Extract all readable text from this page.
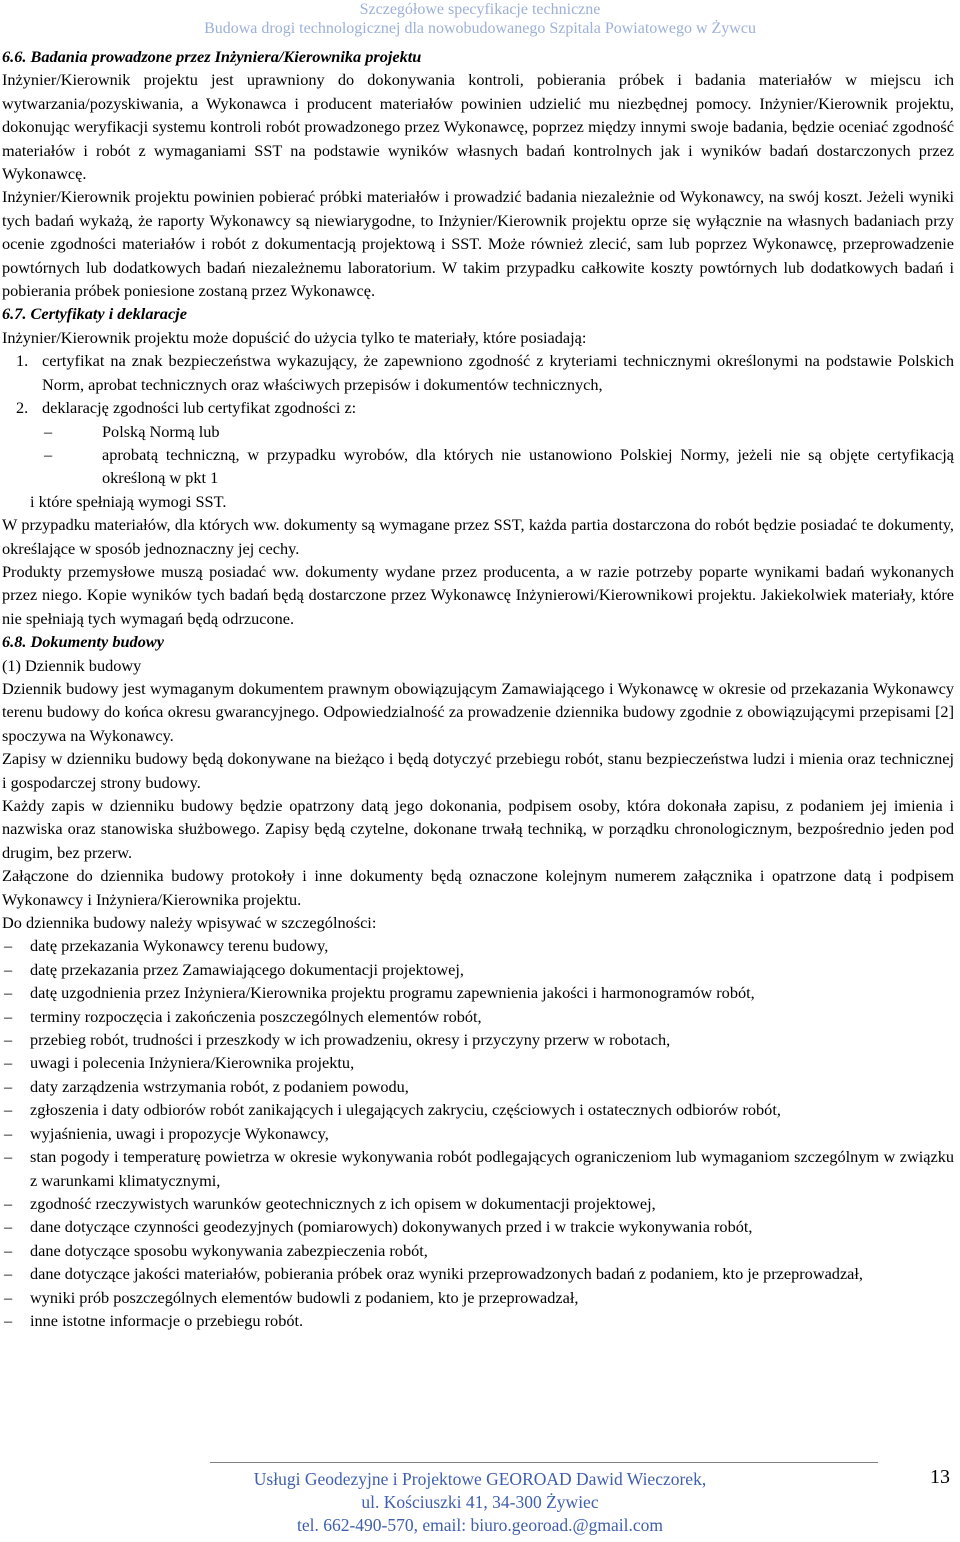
Szczegółowe specyfikacje techniczne
Budowa drogi technologicznej dla nowobudowanego Szpitala Powiatowego w Żywcu

6.6. Badania prowadzone przez Inżyniera/Kierownika projektu

Inżynier/Kierownik projektu jest uprawniony do dokonywania kontroli, pobierania próbek i badania materiałów w miejscu ich wytwarzania/pozyskiwania, a Wykonawca i producent materiałów powinien udzielić mu niezbędnej pomocy. Inżynier/Kierownik projektu, dokonując weryfikacji systemu kontroli robót prowadzonego przez Wykonawcę, poprzez między innymi swoje badania, będzie oceniać zgodność materiałów i robót z wymaganiami SST na podstawie wyników własnych badań kontrolnych jak i wyników badań dostarczonych przez Wykonawcę.

Inżynier/Kierownik projektu powinien pobierać próbki materiałów i prowadzić badania niezależnie od Wykonawcy, na swój koszt. Jeżeli wyniki tych badań wykażą, że raporty Wykonawcy są niewiarygodne, to Inżynier/Kierownik projektu oprze się wyłącznie na własnych badaniach przy ocenie zgodności materiałów i robót z dokumentacją projektową i SST. Może również zlecić, sam lub poprzez Wykonawcę, przeprowadzenie powtórnych lub dodatkowych badań niezależnemu laboratorium. W takim przypadku całkowite koszty powtórnych lub dodatkowych badań i pobierania próbek poniesione zostaną przez Wykonawcę.

6.7. Certyfikaty i deklaracje

Inżynier/Kierownik projektu może dopuścić do użycia tylko te materiały, które posiadają:

1. certyfikat na znak bezpieczeństwa wykazujący, że zapewniono zgodność z kryteriami technicznymi określonymi na podstawie Polskich Norm, aprobat technicznych oraz właściwych przepisów i dokumentów technicznych,
2. deklarację zgodności lub certyfikat zgodności z:
–	Polską Normą lub
–	aprobatą techniczną, w przypadku wyrobów, dla których nie ustanowiono Polskiej Normy, jeżeli nie są objęte certyfikacją określoną w pkt 1

i które spełniają wymogi SST.

W przypadku materiałów, dla których ww. dokumenty są wymagane przez SST, każda partia dostarczona do robót będzie posiadać te dokumenty, określające w sposób jednoznaczny jej cechy.

Produkty przemysłowe muszą posiadać ww. dokumenty wydane przez producenta, a w razie potrzeby poparte wynikami badań wykonanych przez niego. Kopie wyników tych badań będą dostarczone przez Wykonawcę Inżynierowi/Kierownikowi projektu. Jakiekolwiek materiały, które nie spełniają tych wymagań będą odrzucone.

6.8. Dokumenty budowy

(1) Dziennik budowy

Dziennik budowy jest wymaganym dokumentem prawnym obowiązującym Zamawiającego i Wykonawcę w okresie od przekazania Wykonawcy terenu budowy do końca okresu gwarancyjnego. Odpowiedzialność za prowadzenie dziennika budowy zgodnie z obowiązującymi przepisami [2] spoczywa na Wykonawcy.

Zapisy w dzienniku budowy będą dokonywane na bieżąco i będą dotyczyć przebiegu robót, stanu bezpieczeństwa ludzi i mienia oraz technicznej i gospodarczej strony budowy.

Każdy zapis w dzienniku budowy będzie opatrzony datą jego dokonania, podpisem osoby, która dokonała zapisu, z podaniem jej imienia i nazwiska oraz stanowiska służbowego. Zapisy będą czytelne, dokonane trwałą techniką, w porządku chronologicznym, bezpośrednio jeden pod drugim, bez przerw.

Załączone do dziennika budowy protokoły i inne dokumenty będą oznaczone kolejnym numerem załącznika i opatrzone datą i podpisem Wykonawcy i Inżyniera/Kierownika projektu.

Do dziennika budowy należy wpisywać w szczególności:

– datę przekazania Wykonawcy terenu budowy,
– datę przekazania przez Zamawiającego dokumentacji projektowej,
– datę uzgodnienia przez Inżyniera/Kierownika projektu programu zapewnienia jakości i harmonogramów robót,
– terminy rozpoczęcia i zakończenia poszczególnych elementów robót,
– przebieg robót, trudności i przeszkody w ich prowadzeniu, okresy i przyczyny przerw w robotach,
– uwagi i polecenia Inżyniera/Kierownika projektu,
– daty zarządzenia wstrzymania robót, z podaniem powodu,
– zgłoszenia i daty odbiorów robót zanikających i ulegających zakryciu, częściowych i ostatecznych odbiorów robót,
– wyjaśnienia, uwagi i propozycje Wykonawcy,
– stan pogody i temperaturę powietrza w okresie wykonywania robót podlegających ograniczeniom lub wymaganiom szczególnym w związku z warunkami klimatycznymi,
– zgodność rzeczywistych warunków geotechnicznych z ich opisem w dokumentacji projektowej,
– dane dotyczące czynności geodezyjnych (pomiarowych) dokonywanych przed i w trakcie wykonywania robót,
– dane dotyczące sposobu wykonywania zabezpieczenia robót,
– dane dotyczące jakości materiałów, pobierania próbek oraz wyniki przeprowadzonych badań z podaniem, kto je przeprowadzał,
– wyniki prób poszczególnych elementów budowli z podaniem, kto je przeprowadzał,
– inne istotne informacje o przebiegu robót.
Usługi Geodezyjne i Projektowe GEOROAD Dawid Wieczorek,
ul. Kościuszki 41, 34-300 Żywiec
tel. 662-490-570, email: biuro.georoad.@gmail.com
13
